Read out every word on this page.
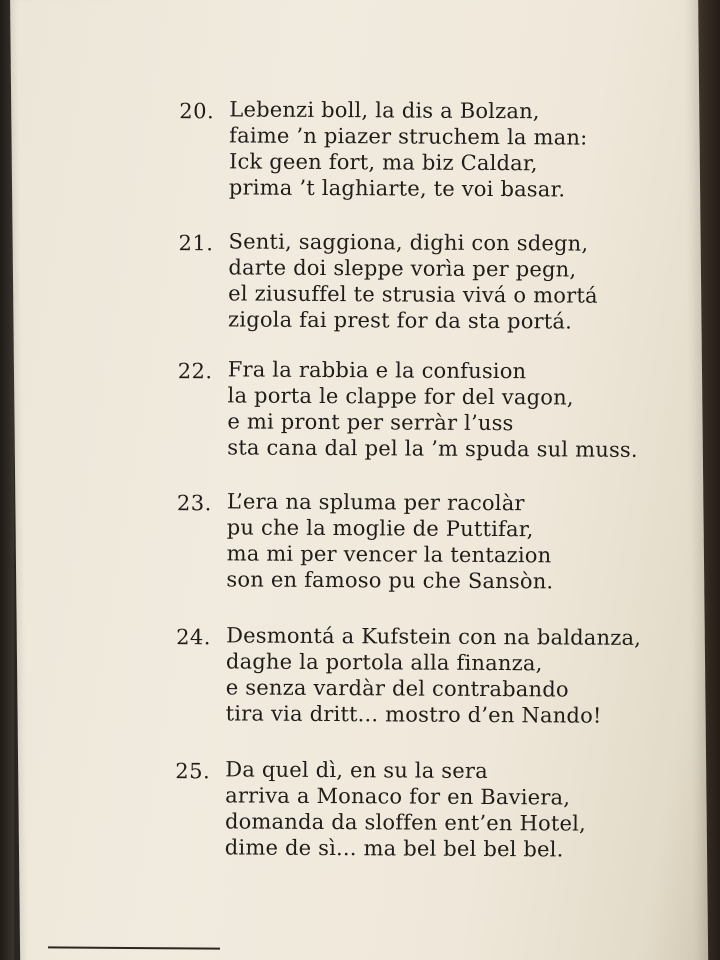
20. Lebenzi boll, la dis a Bolzan,
faime ’n piazer struchem la man:
Ick geen fort, ma biz Caldar,
prima ’t laghiarte, te voi basar.
21. Senti, saggiona, dighi con sdegn,
darte doi sleppe vorìa per pegn,
el ziusuffel te strusia vivá o mortá
zigola fai prest for da sta portá.
22. Fra la rabbia e la confusion
la porta le clappe for del vagon,
e mi pront per serràr l’uss
sta cana dal pel la ’m spuda sul muss.
23. L’era na spluma per racolàr
pu che la moglie de Puttifar,
ma mi per vencer la tentazion
son en famoso pu che Sansòn.
24. Desmontá a Kufstein con na baldanza,
daghe la portola alla finanza,
e senza vardàr del contrabando
tira via dritt... mostro d’en Nando!
25. Da quel dì, en su la sera
arriva a Monaco for en Baviera,
domanda da sloffen ent’en Hotel,
dime de sì... ma bel bel bel bel.
